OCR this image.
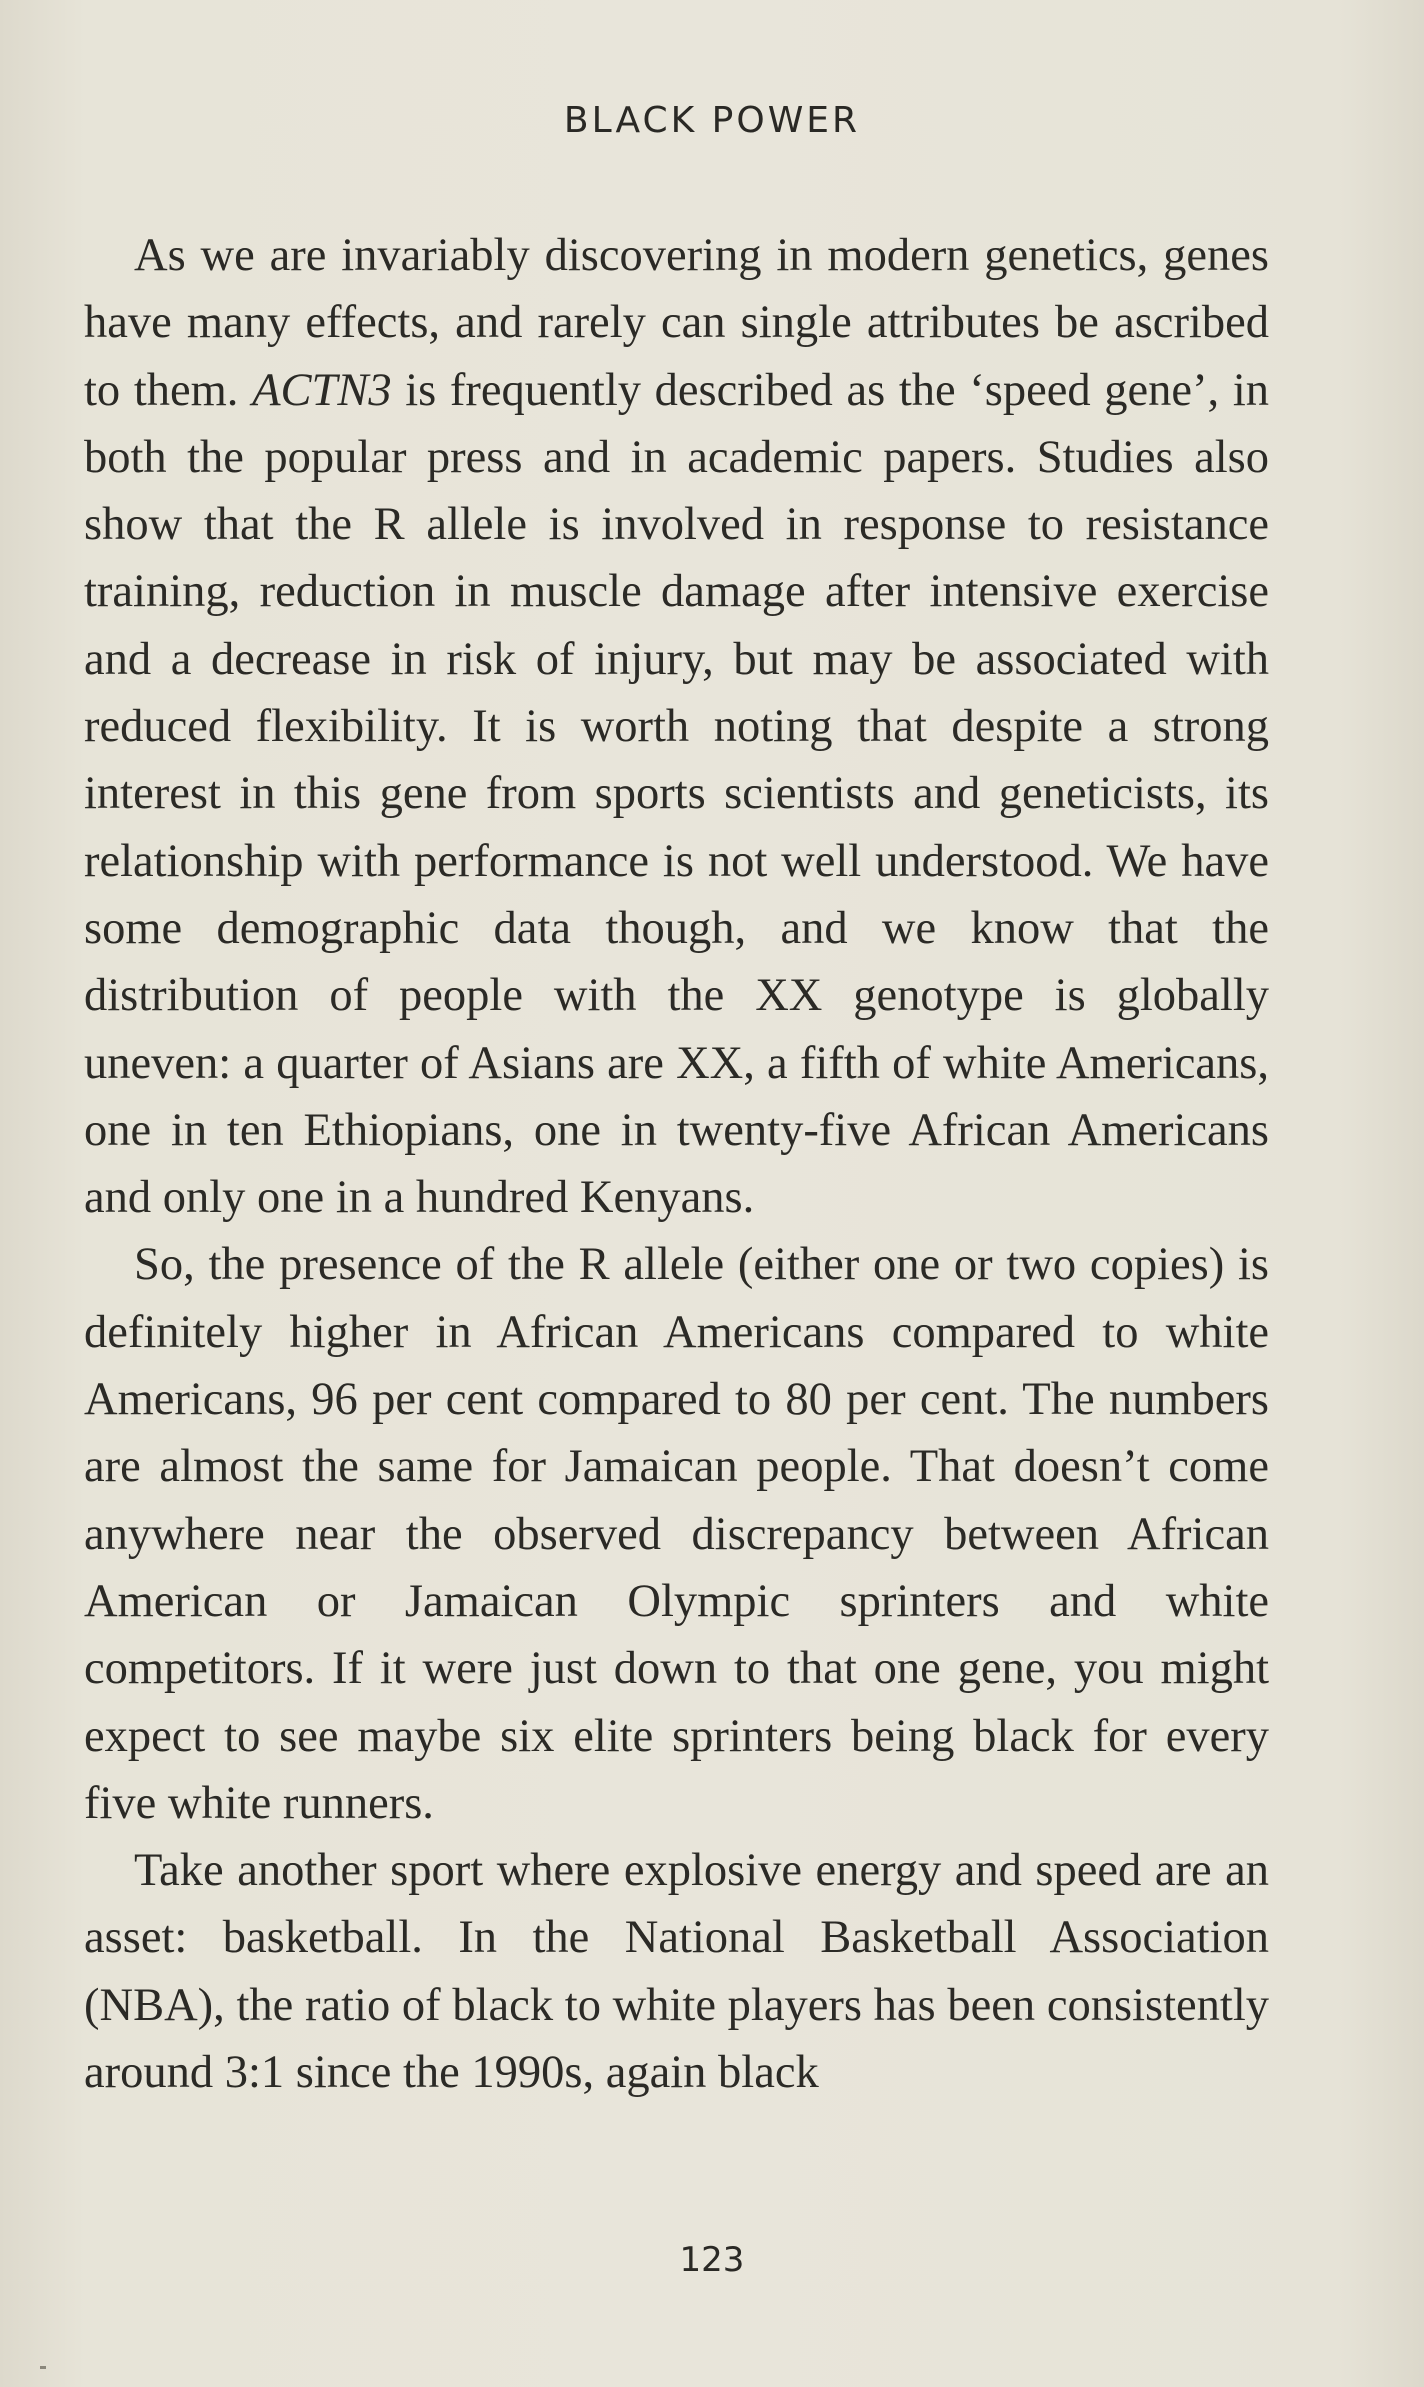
BLACK POWER

As we are invariably discovering in modern genetics, genes have many effects, and rarely can single attributes be ascribed to them. ACTN3 is frequently described as the ‘speed gene’, in both the popular press and in academic papers. Studies also show that the R allele is involved in response to resistance training, reduction in muscle damage after intensive exercise and a decrease in risk of injury, but may be associated with reduced flexibility. It is worth noting that despite a strong interest in this gene from sports scientists and geneticists, its relationship with performance is not well understood. We have some demographic data though, and we know that the distribution of people with the XX genotype is globally uneven: a quarter of Asians are XX, a fifth of white Americans, one in ten Ethiopians, one in twenty-five African Americans and only one in a hundred Kenyans.

So, the presence of the R allele (either one or two copies) is definitely higher in African Americans compared to white Americans, 96 per cent compared to 80 per cent. The numbers are almost the same for Jamaican people. That doesn’t come anywhere near the observed discrepancy between African American or Jamaican Olympic sprinters and white competitors. If it were just down to that one gene, you might expect to see maybe six elite sprinters being black for every five white runners.

Take another sport where explosive energy and speed are an asset: basketball. In the National Basketball Association (NBA), the ratio of black to white players has been consistently around 3:1 since the 1990s, again black

123
